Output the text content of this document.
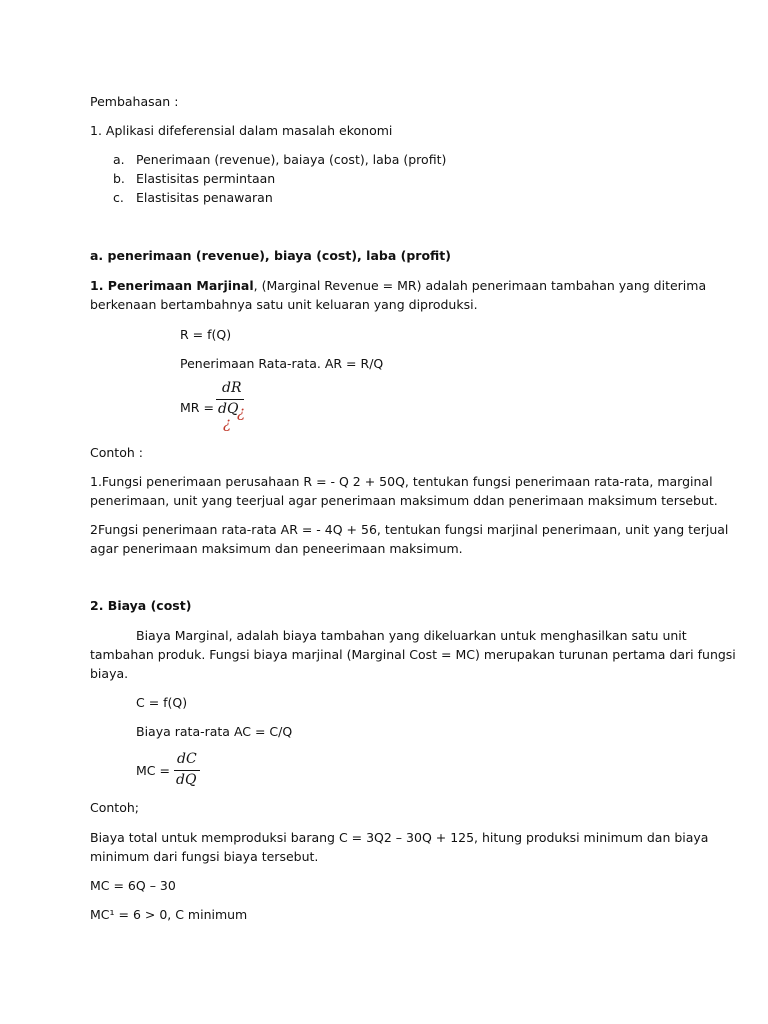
Pembahasan :
1. Aplikasi difeferensial dalam masalah ekonomi
a. Penerimaan (revenue), baiaya (cost), laba (profit)
b. Elastisitas permintaan
c. Elastisitas penawaran
a. penerimaan (revenue), biaya (cost), laba (profit)
1. Penerimaan Marjinal, (Marginal Revenue = MR) adalah penerimaan tambahan yang diterima
berkenaan bertambahnya satu unit keluaran yang diproduksi.
R = f(Q)
Penerimaan Rata-rata. AR = R/Q
MR =
dR
dQ
¿
¿
Contoh :
1.Fungsi penerimaan perusahaan R = - Q 2 + 50Q, tentukan fungsi penerimaan rata-rata, marginal
penerimaan, unit yang teerjual agar penerimaan maksimum ddan penerimaan maksimum tersebut.
2Fungsi penerimaan rata-rata AR = - 4Q + 56, tentukan fungsi marjinal penerimaan, unit yang terjual
agar penerimaan maksimum dan peneerimaan maksimum.
2. Biaya (cost)
Biaya Marginal, adalah biaya tambahan yang dikeluarkan untuk menghasilkan satu unit
tambahan produk. Fungsi biaya marjinal (Marginal Cost = MC) merupakan turunan pertama dari fungsi
biaya.
C = f(Q)
Biaya rata-rata AC = C/Q
MC =
dC
dQ
Contoh;
Biaya total untuk memproduksi barang C = 3Q2 – 30Q + 125, hitung produksi minimum dan biaya
minimum dari fungsi biaya tersebut.
MC = 6Q – 30
MC¹ = 6 > 0, C minimum
